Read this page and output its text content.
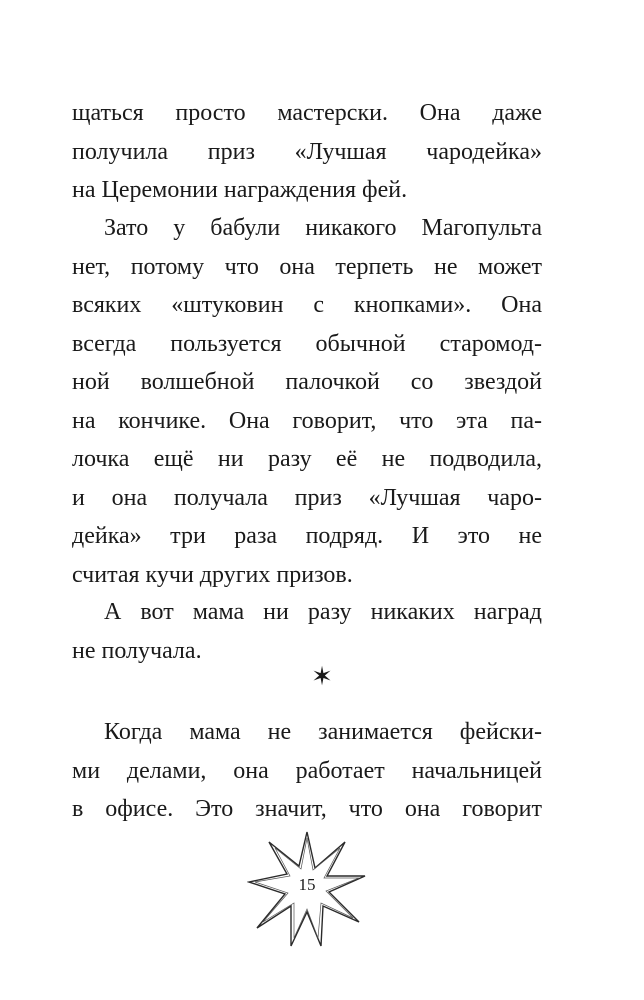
щаться просто мастерски. Она даже
получила приз «Лучшая чародейка»
на Церемонии награждения фей.
Зато у бабули никакого Магопульта
нет, потому что она терпеть не может
всяких «штуковин с кнопками». Она
всегда пользуется обычной старомод-
ной волшебной палочкой со звездой
на кончике. Она говорит, что эта па-
лочка ещё ни разу её не подводила,
и она получала приз «Лучшая чаро-
дейка» три раза подряд. И это не
считая кучи других призов.
А вот мама ни разу никаких наград
не получала.
✶
Когда мама не занимается фейски-
ми делами, она работает начальницей
в офисе. Это значит, что она говорит
15
